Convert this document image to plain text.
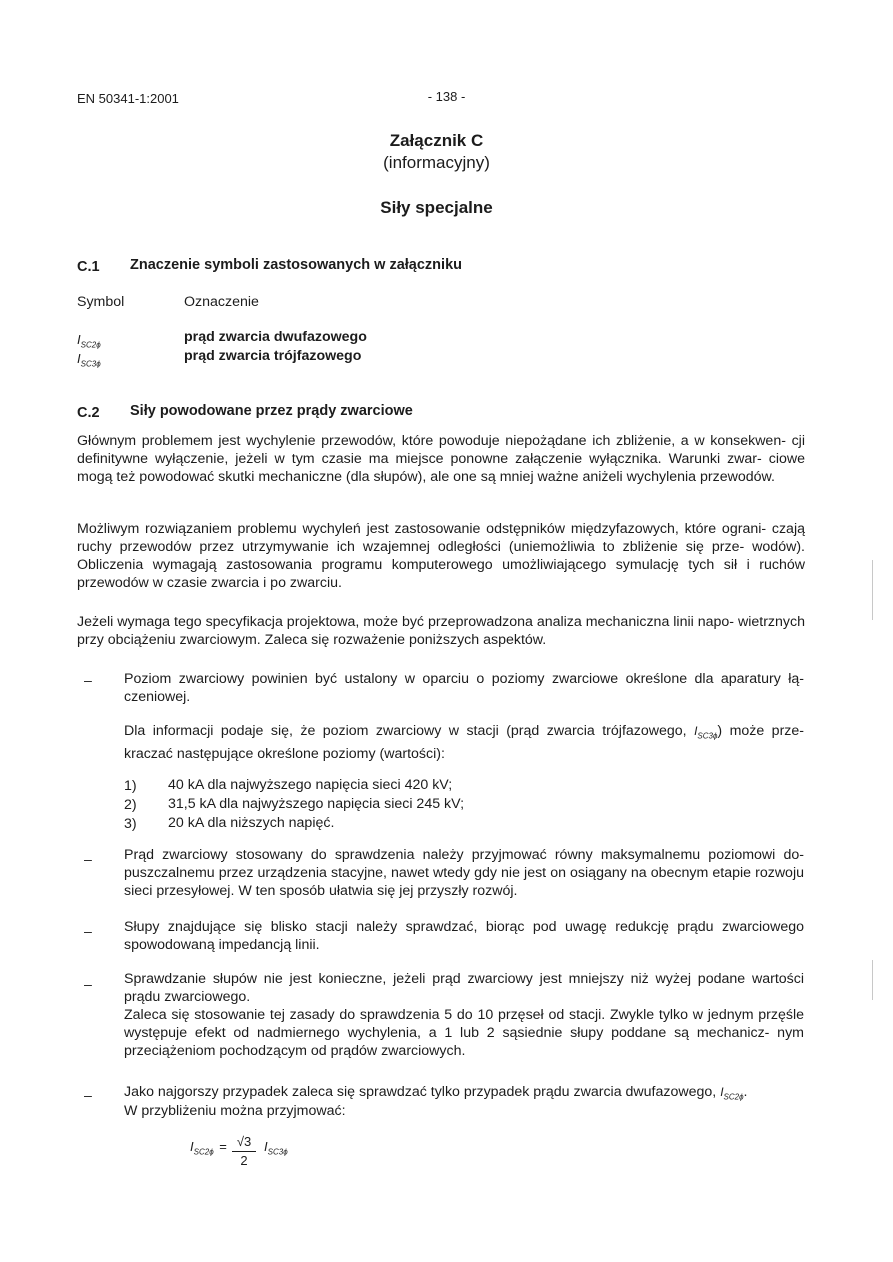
EN 50341-1:2001	- 138 -
Załącznik C
(informacyjny)
Siły specjalne
C.1 Znaczenie symboli zastosowanych w załączniku
Symbol	Oznaczenie
$I_{SC2\phi}$
prąd zwarcia dwufazowego
$I_{SC3\phi}$
prąd zwarcia trójfazowego
C.2 Siły powodowane przez prądy zwarciowe
Głównym problemem jest wychylenie przewodów, które powoduje niepożądane ich zbliżenie, a w konsekwen- cji definitywne wyłączenie, jeżeli w tym czasie ma miejsce ponowne załączenie wyłącznika. Warunki zwar- ciowe mogą też powodować skutki mechaniczne (dla słupów), ale one są mniej ważne aniżeli wychylenia przewodów.
Możliwym rozwiązaniem problemu wychyleń jest zastosowanie odstępników międzyfazowych, które ograni- czają ruchy przewodów przez utrzymywanie ich wzajemnej odległości (uniemożliwia to zbliżenie się prze- wodów). Obliczenia wymagają zastosowania programu komputerowego umożliwiającego symulację tych sił i ruchów przewodów w czasie zwarcia i po zwarciu.
Jeżeli wymaga tego specyfikacja projektowa, może być przeprowadzona analiza mechaniczna linii napo- wietrznych przy obciążeniu zwarciowym. Zaleca się rozważenie poniższych aspektów.
– Poziom zwarciowy powinien być ustalony w oparciu o poziomy zwarciowe określone dla aparatury łą- czeniowej.
Dla informacji podaje się, że poziom zwarciowy w stacji (prąd zwarcia trójfazowego, $I_{SC3\phi}$) może prze- kraczać następujące określone poziomy (wartości):
1) 40 kA dla najwyższego napięcia sieci 420 kV;
2) 31,5 kA dla najwyższego napięcia sieci 245 kV;
3) 20 kA dla niższych napięć.
– Prąd zwarciowy stosowany do sprawdzenia należy przyjmować równy maksymalnemu poziomowi do- puszczalnemu przez urządzenia stacyjne, nawet wtedy gdy nie jest on osiągany na obecnym etapie rozwoju sieci przesyłowej. W ten sposób ułatwia się jej przyszły rozwój.
– Słupy znajdujące się blisko stacji należy sprawdzać, biorąc pod uwagę redukcję prądu zwarciowego spowodowaną impedancją linii.
– Sprawdzanie słupów nie jest konieczne, jeżeli prąd zwarciowy jest mniejszy niż wyżej podane wartości prądu zwarciowego.
Zaleca się stosowanie tej zasady do sprawdzenia 5 do 10 przęseł od stacji. Zwykle tylko w jednym przęśle występuje efekt od nadmiernego wychylenia, a 1 lub 2 sąsiednie słupy poddane są mechanicz- nym przeciążeniom pochodzącym od prądów zwarciowych.
– Jako najgorszy przypadek zaleca się sprawdzać tylko przypadek prądu zwarcia dwufazowego, $I_{SC2\phi}$.
W przybliżeniu można przyjmować:
$I_{SC2\phi} = \frac{√3}{2} I_{SC3\phi}$
